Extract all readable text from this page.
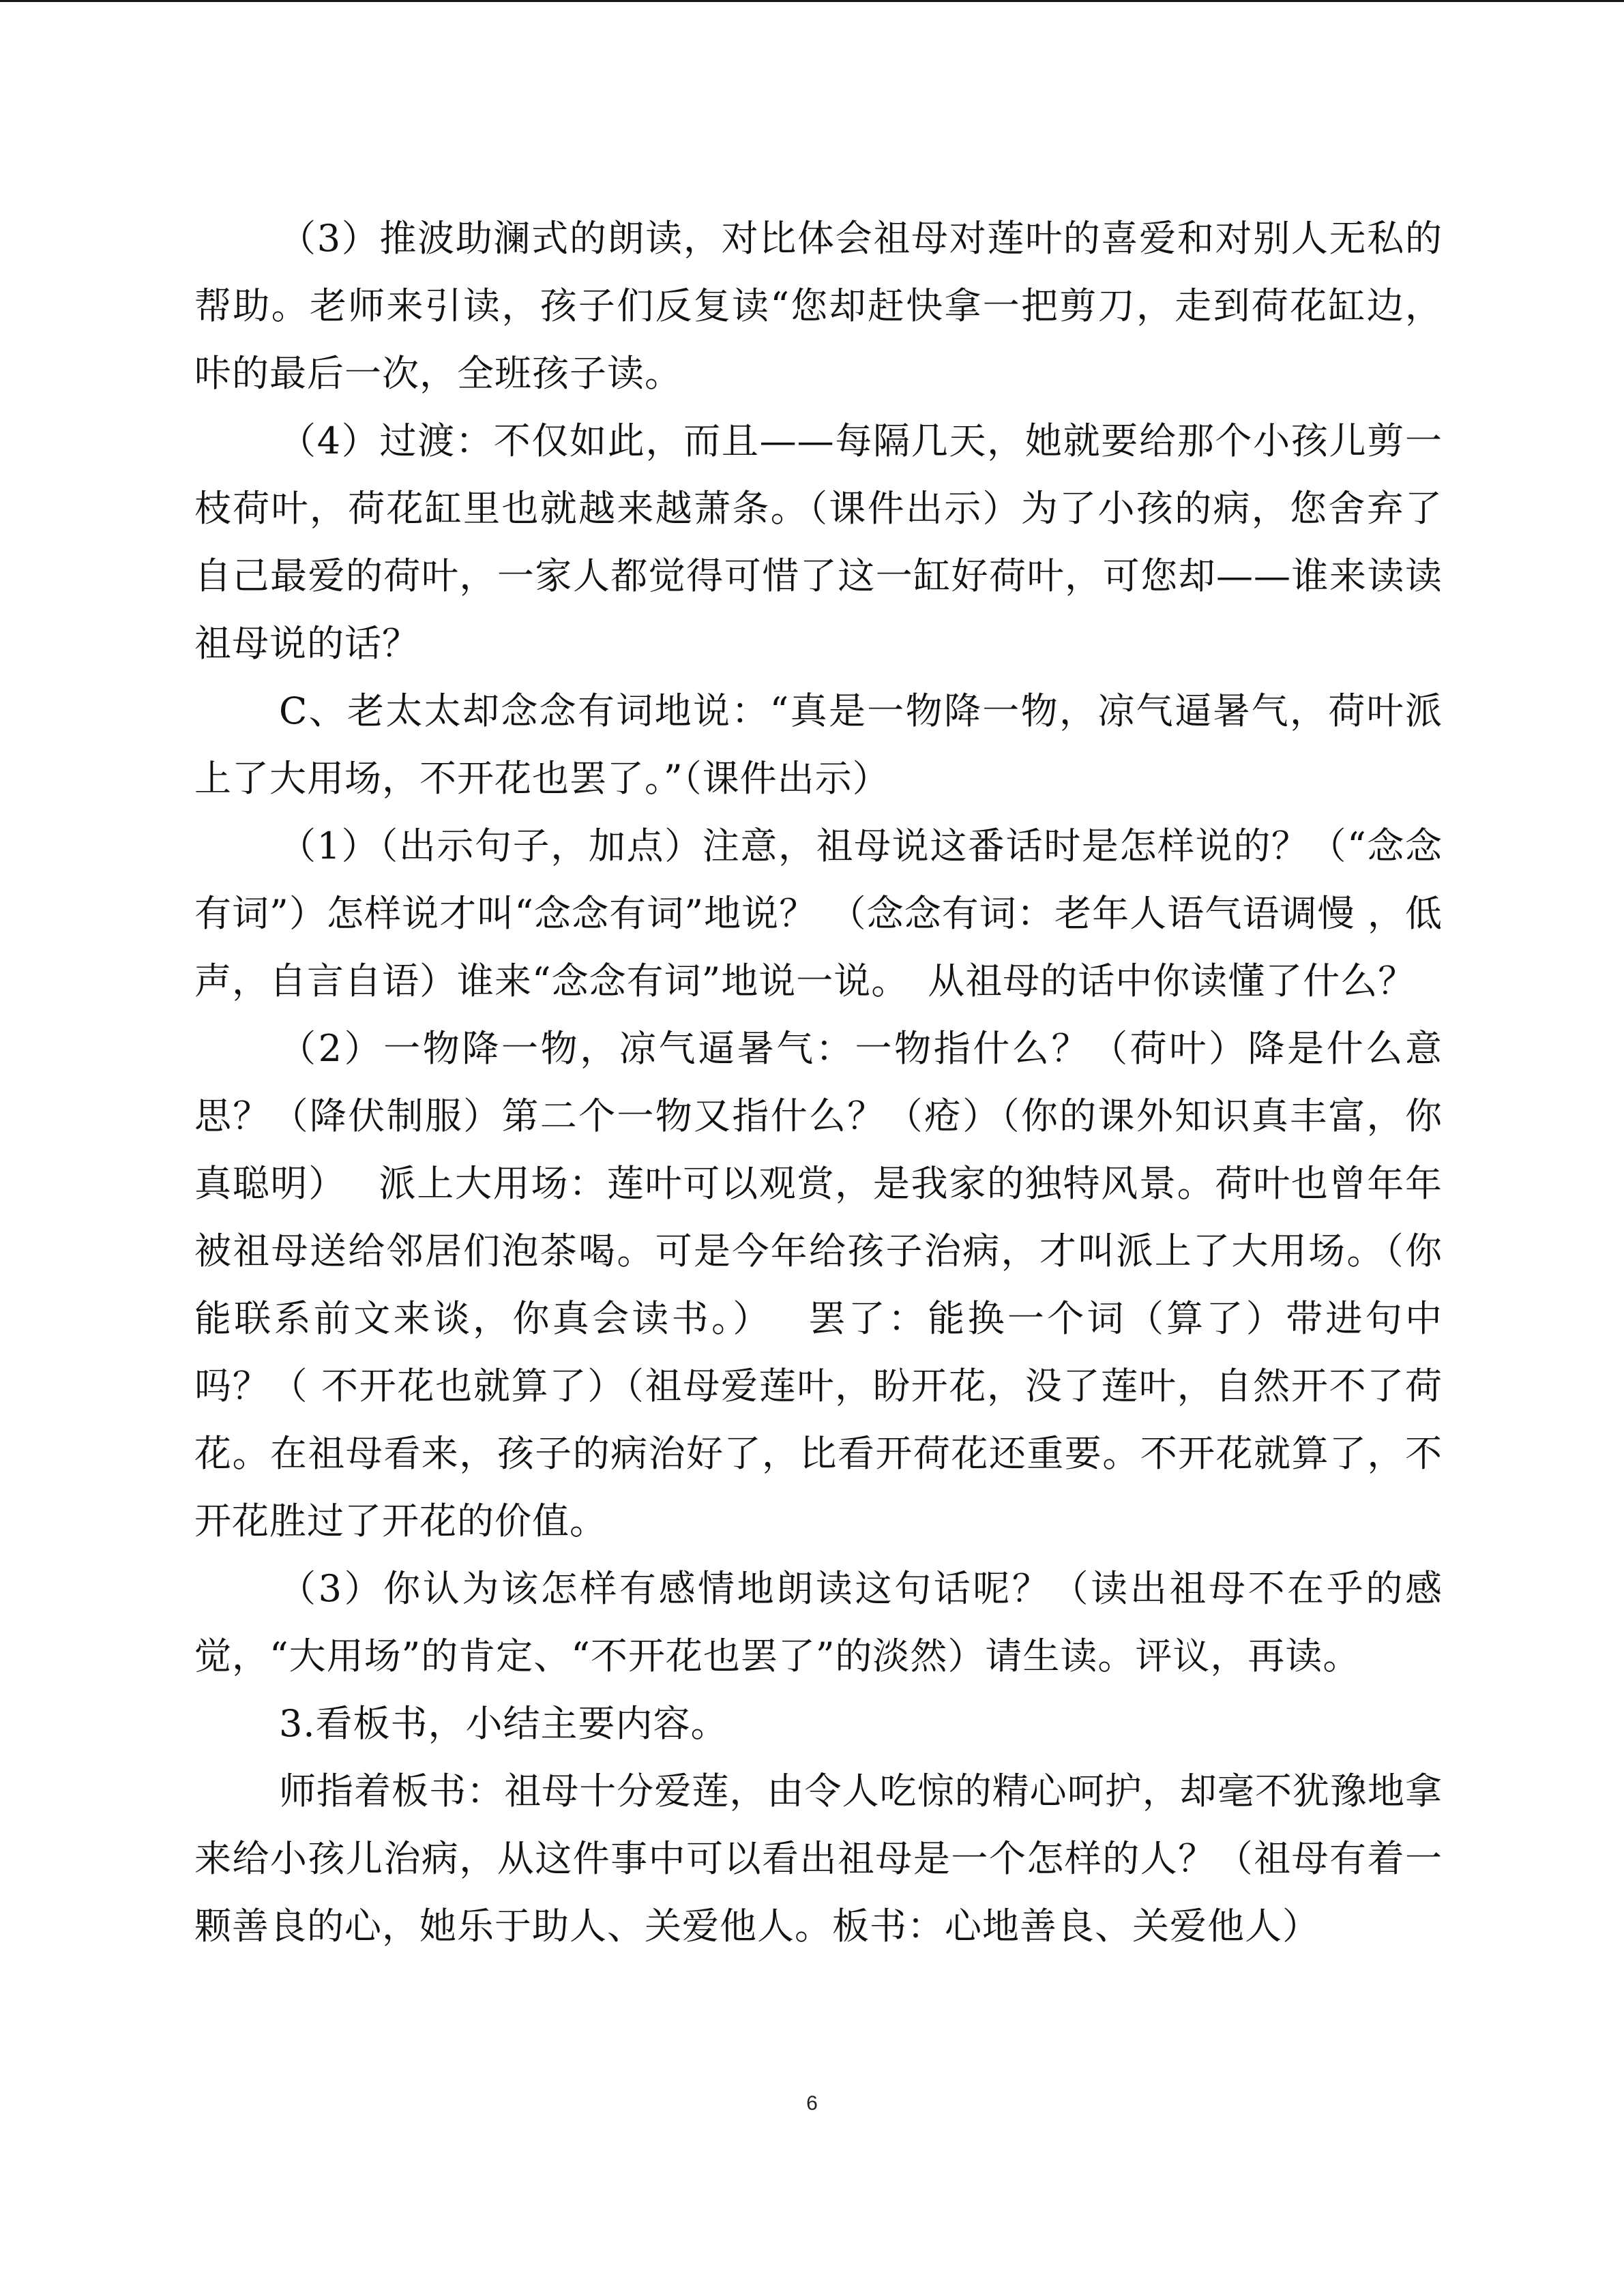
（3）推波助澜式的朗读，对比体会祖母对莲叶的喜爱和对别人无私的帮助。老师来引读，孩子们反复读“您却赶快拿一把剪刀，走到荷花缸边，咔的最后一次，全班孩子读。

（4）过渡：不仅如此，而且——每隔几天，她就要给那个小孩儿剪一枝荷叶，荷花缸里也就越来越萧条。（课件出示）为了小孩的病，您舍弃了自己最爱的荷叶，一家人都觉得可惜了这一缸好荷叶，可您却——谁来读读祖母说的话？

C、老太太却念念有词地说：“真是一物降一物，凉气逼暑气，荷叶派上了大用场，不开花也罢了。”（课件出示）

（1）（出示句子，加点）注意，祖母说这番话时是怎样说的？（“念念有词”）怎样说才叫“念念有词”地说？ （念念有词：老年人语气语调慢 ，低声，自言自语）谁来“念念有词”地说一说。　从祖母的话中你读懂了什么？

（2）一物降一物，凉气逼暑气：一物指什么？（荷叶）降是什么意思？（降伏制服）第二个一物又指什么？（疮）（你的课外知识真丰富，你真聪明）　 派上大用场：莲叶可以观赏，是我家的独特风景。荷叶也曾年年被祖母送给邻居们泡茶喝。可是今年给孩子治病，才叫派上了大用场。（你能联系前文来谈，你真会读书。）　 罢了：能换一个词（算了）带进句中吗？（ 不开花也就算了）（祖母爱莲叶，盼开花，没了莲叶，自然开不了荷花。在祖母看来，孩子的病治好了，比看开荷花还重要。不开花就算了，不开花胜过了开花的价值。

（3）你认为该怎样有感情地朗读这句话呢？（读出祖母不在乎的感觉，“大用场”的肯定、“不开花也罢了”的淡然）请生读。评议，再读。

3.看板书，小结主要内容。

师指着板书：祖母十分爱莲，由令人吃惊的精心呵护，却毫不犹豫地拿来给小孩儿治病，从这件事中可以看出祖母是一个怎样的人？（祖母有着一颗善良的心，她乐于助人、关爱他人。板书：心地善良、关爱他人）

6
